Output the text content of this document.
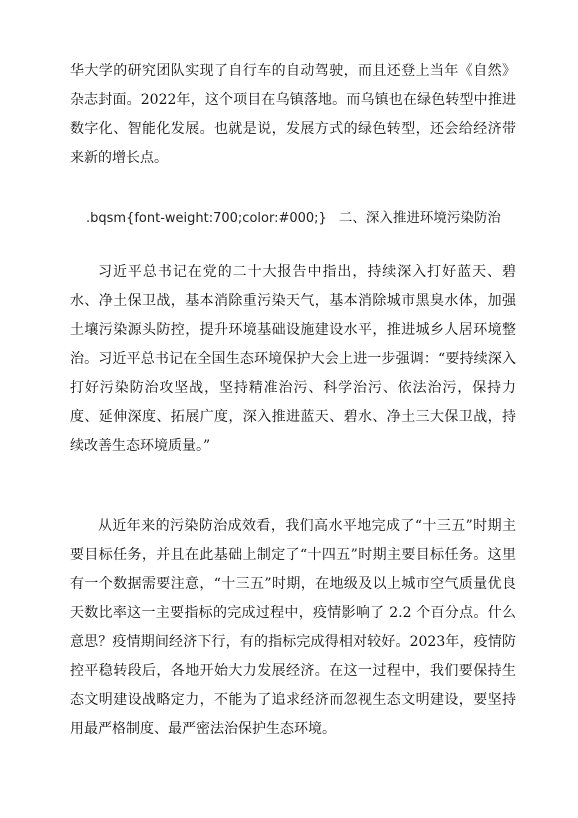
华大学的研究团队实现了自行车的自动驾驶，而且还登上当年《自然》杂志封面。2022年，这个项目在乌镇落地。而乌镇也在绿色转型中推进数字化、智能化发展。也就是说，发展方式的绿色转型，还会给经济带来新的增长点。

.bqsm{font-weight:700;color:#000;} 二、深入推进环境污染防治

习近平总书记在党的二十大报告中指出，持续深入打好蓝天、碧水、净土保卫战，基本消除重污染天气，基本消除城市黑臭水体，加强土壤污染源头防控，提升环境基础设施建设水平，推进城乡人居环境整治。习近平总书记在全国生态环境保护大会上进一步强调：“要持续深入打好污染防治攻坚战，坚持精准治污、科学治污、依法治污，保持力度、延伸深度、拓展广度，深入推进蓝天、碧水、净土三大保卫战，持续改善生态环境质量。”

从近年来的污染防治成效看，我们高水平地完成了“十三五”时期主要目标任务，并且在此基础上制定了“十四五”时期主要目标任务。这里有一个数据需要注意，“十三五”时期，在地级及以上城市空气质量优良天数比率这一主要指标的完成过程中，疫情影响了 2.2 个百分点。什么意思？疫情期间经济下行，有的指标完成得相对较好。2023年，疫情防控平稳转段后，各地开始大力发展经济。在这一过程中，我们要保持生态文明建设战略定力，不能为了追求经济而忽视生态文明建设，要坚持用最严格制度、最严密法治保护生态环境。
